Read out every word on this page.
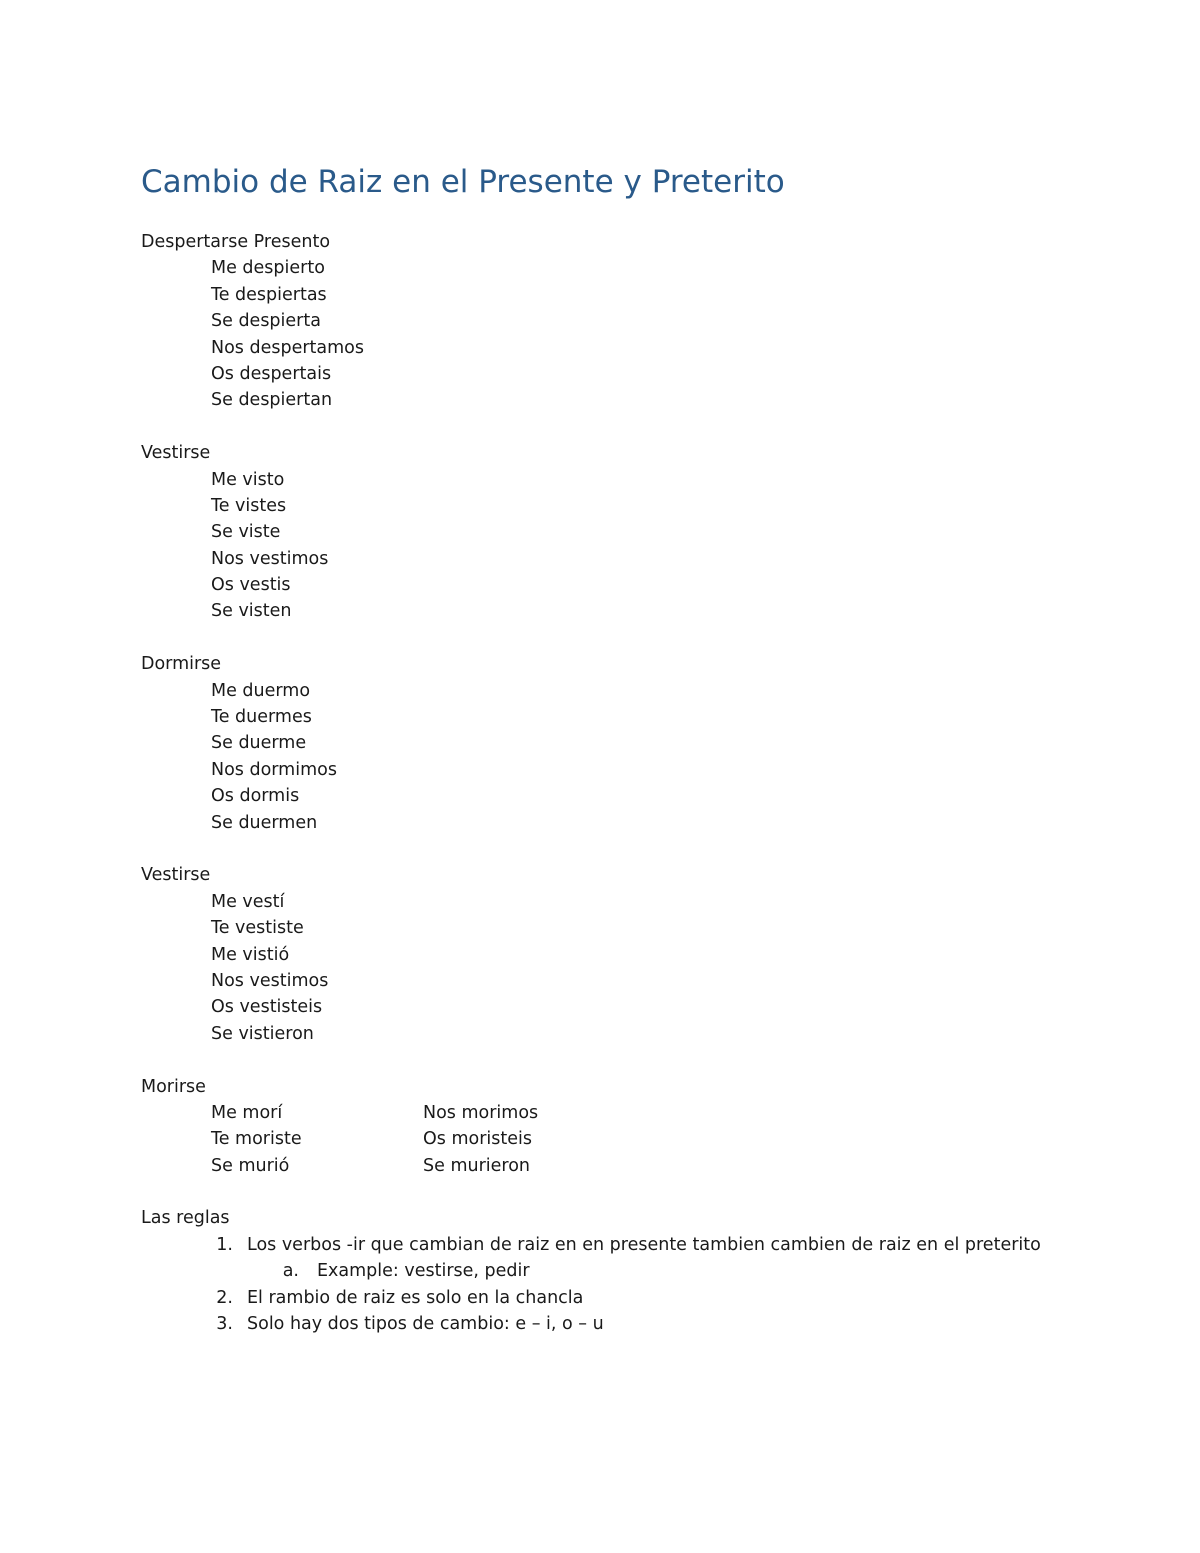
Cambio de Raiz en el Presente y Preterito
Despertarse Presento
Me despierto
Te despiertas
Se despierta
Nos despertamos
Os despertais
Se despiertan
Vestirse
Me visto
Te vistes
Se viste
Nos vestimos
Os vestis
Se visten
Dormirse
Me duermo
Te duermes
Se duerme
Nos dormimos
Os dormis
Se duermen
Vestirse
Me vestí
Te vestiste
Me vistió
Nos vestimos
Os vestisteis
Se vistieron
Morirse
Me morí	Nos morimos
Te moriste	Os moristeis
Se murió	Se murieron
Las reglas
1. Los verbos -ir que cambian de raiz en en presente tambien cambien de raiz en el preterito
a. Example: vestirse, pedir
2. El rambio de raiz es solo en la chancla
3. Solo hay dos tipos de cambio: e – i, o – u
